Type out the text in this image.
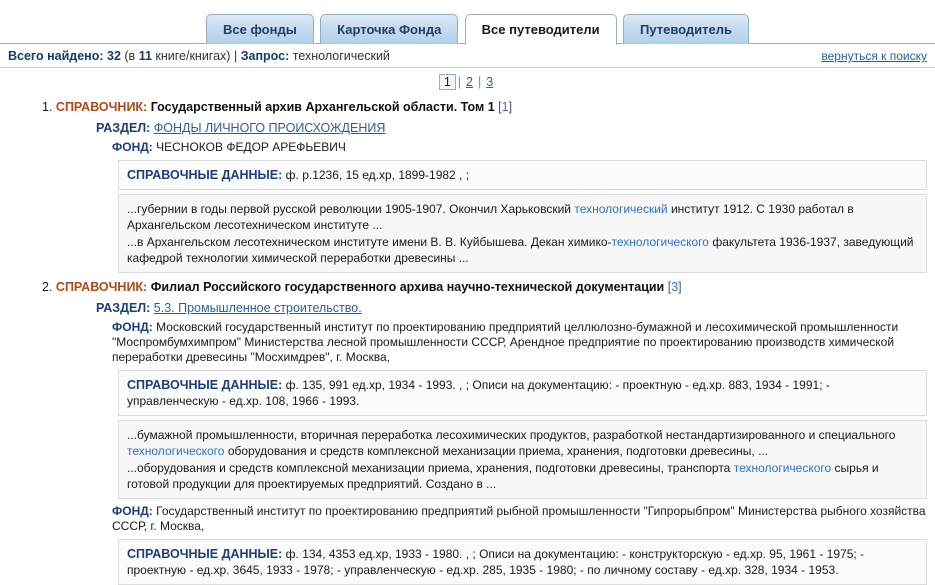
Все фонды	Карточка Фонда	Все путеводители	Путеводитель
Всего найдено: 32 (в 11 книге/книгах) | Запрос: технологический	вернуться к поиску
1 | 2 | 3
1. СПРАВОЧНИК: Государственный архив Архангельской области. Том 1 [1]
РАЗДЕЛ: ФОНДЫ ЛИЧНОГО ПРОИСХОЖДЕНИЯ
ФОНД: ЧЕСНОКОВ ФЕДОР АРЕФЬЕВИЧ
СПРАВОЧНЫЕ ДАННЫЕ: ф. р.1236, 15 ед.хр, 1899-1982 , ;

...губернии в годы первой русской революции 1905-1907. Окончил Харьковский технологический институт 1912. С 1930 работал в Архангельском лесотехническом институте ...

...в Архангельском лесотехническом институте имени В. В. Куйбышева. Декан химико-технологического факультета 1936-1937, заведующий кафедрой технологии химической переработки древесины ...

2. СПРАВОЧНИК: Филиал Российского государственного архива научно-технической документации [3]
РАЗДЕЛ: 5.3. Промышленное строительство.
ФОНД: Московский государственный институт по проектированию предприятий целлюлозно-бумажной и лесохимической промышленности "Моспромбумхимпром" Министерства лесной промышленности СССР, Арендное предприятие по проектированию производств химической переработки древесины "Мосхимдрев", г. Москва,
СПРАВОЧНЫЕ ДАННЫЕ: ф. 135, 991 ед.хр, 1934 - 1993. , ; Описи на документацию: - проектную - ед.хр. 883, 1934 - 1991; - управленческую - ед.хр. 108, 1966 - 1993.

...бумажной промышленности, вторичная переработка лесохимических продуктов, разработкой нестандартизированного и специального технологического оборудования и средств комплексной механизации приема, хранения, подготовки древесины, ...

...оборудования и средств комплексной механизации приема, хранения, подготовки древесины, транспорта технологического сырья и готовой продукции для проектируемых предприятий. Создано в ...

ФОНД: Государственный институт по проектированию предприятий рыбной промышленности "Гипрорыбпром" Министерства рыбного хозяйства СССР, г. Москва,
СПРАВОЧНЫЕ ДАННЫЕ: ф. 134, 4353 ед.хр, 1933 - 1980. , ; Описи на документацию: - конструкторскую - ед.хр. 95, 1961 - 1975; - проектную - ед.хр. 3645, 1933 - 1978; - управленческую - ед.хр. 285, 1935 - 1980; - по личному составу - ед.хр. 328, 1934 - 1953.
